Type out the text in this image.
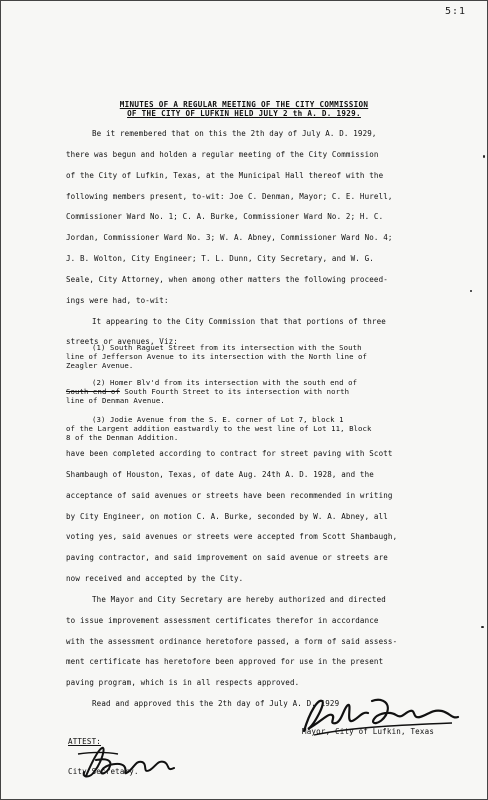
5:1
MINUTES OF A REGULAR MEETING OF THE CITY COMMISSION
OF THE CITY OF LUFKIN HELD JULY 2 th A. D. 1929.
Be it remembered that on this the 2th day of July A. D. 1929,
there was begun and holden a regular meeting of the City Commission
of the City of Lufkin, Texas, at the Municipal Hall thereof with the
following members present, to-wit: Joe C. Denman, Mayor; C. E. Hurell,
Commissioner Ward No. 1; C. A. Burke, Commissioner Ward No. 2; H. C.
Jordan, Commissioner Ward No. 3; W. A. Abney, Commissioner Ward No. 4;
J. B. Wolton, City Engineer; T. L. Dunn, City Secretary, and W. G.
Seale, City Attorney, when among other matters the following proceed-
ings were had, to-wit:
It appearing to the City Commission that that portions of three
streets or avenues, Viz:
(1) South Raguet Street from its intersection with the South
line of Jefferson Avenue to its intersection with the North line of
Zeagler Avenue.
(2) Homer Blv'd from its intersection with the south end of
South end of South Fourth Street to its intersection with north
line of Denman Avenue.
(3) Jodie Avenue from the S. E. corner of Lot 7, block 1
of the Largent addition eastwardly to the west line of Lot 11, Block
8 of the Denman Addition.
have been completed according to contract for street paving with Scott
Shambaugh of Houston, Texas, of date Aug. 24th A. D. 1928, and the
acceptance of said avenues or streets have been recommended in writing
by City Engineer, on motion C. A. Burke, seconded by W. A. Abney, all
voting yes, said avenues or streets were accepted from Scott Shambaugh,
paving contractor, and said improvement on said avenue or streets are
now received and accepted by the City.
The Mayor and City Secretary are hereby authorized and directed
to issue improvement assessment certificates therefor in accordance
with the assessment ordinance heretofore passed, a form of said assess-
ment certificate has heretofore been approved for use in the present
paving program, which is in all respects approved.
Read and approved this the 2th day of July A. D. 1929
Mayor, City of Lufkin, Texas
ATTEST:
City Secretary.
